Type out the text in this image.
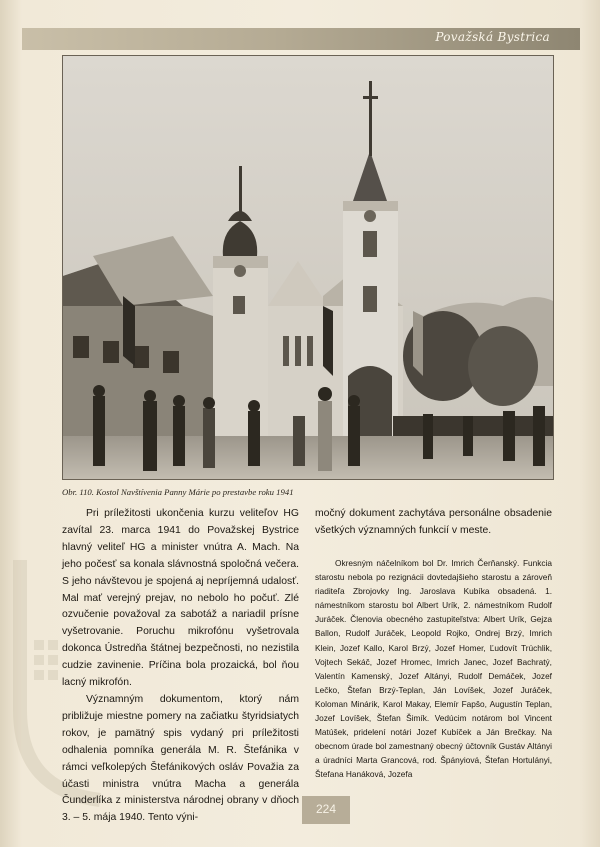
Považská Bystrica
Obr. 110. Kostol Navštívenia Panny Márie po prestavbe roku 1941

Pri príležitosti ukončenia kurzu veliteľov HG zavítal 23. marca 1941 do Považskej Bystrice hlavný veliteľ HG a minister vnútra A. Mach. Na jeho počesť sa konala slávnostná spoločná večera. S jeho návštevou je spojená aj nepríjemná udalosť. Mal mať verejný prejav, no nebolo ho počuť. Zlé ozvučenie považoval za sabotáž a nariadil prísne vyšetrovanie. Poruchu mikrofónu vyšetrovala dokonca Ústredňa štátnej bezpečnosti, no nezistila cudzie zavinenie. Príčina bola prozaická, bol ňou lacný mikrofón.

Významným dokumentom, ktorý nám približuje miestne pomery na začiatku štyridsiatych rokov, je pamätný spis vydaný pri príležitosti odhalenia pomníka generála M. R. Štefánika v rámci veľkolepých Štefánikových osláv Považia za účasti ministra vnútra Macha a generála Čunderlíka z ministerstva národnej obrany v dňoch 3. – 5. mája 1940. Tento výni-

močný dokument zachytáva personálne obsadenie všetkých významných funkcií v meste.

Okresným náčelníkom bol Dr. Imrich Čerňanský. Funkcia starostu nebola po rezignácii dovtedajšieho starostu a zároveň riaditeľa Zbrojovky Ing. Jaroslava Kubíka obsadená. 1. námestníkom starostu bol Albert Urík, 2. námestníkom Rudolf Juráček. Členovia obecného zastupiteľstva: Albert Urík, Gejza Ballon, Rudolf Juráček, Leopold Rojko, Ondrej Brzý, Imrich Klein, Jozef Kallo, Karol Brzý, Jozef Homer, Ľudovít Trúchlik, Vojtech Sekáč, Jozef Hromec, Imrich Janec, Jozef Bachratý, Valentín Kamenský, Jozef Altányi, Rudolf Demáček, Jozef Lečko, Štefan Brzý-Teplan, Ján Lovíšek, Jozef Juráček, Koloman Minárik, Karol Makay, Elemír Fapšo, Augustín Teplan, Jozef Lovíšek, Štefan Šimík. Vedúcim notárom bol Vincent Matúšek, pridelení notári Jozef Kubíček a Ján Brečkay. Na obecnom úrade bol zamestnaný obecný účtovník Gustáv Altányi a úradníci Marta Grancová, rod. Špányiová, Štefan Hortulányi, Štefana Hanáková, Jozefa

224
